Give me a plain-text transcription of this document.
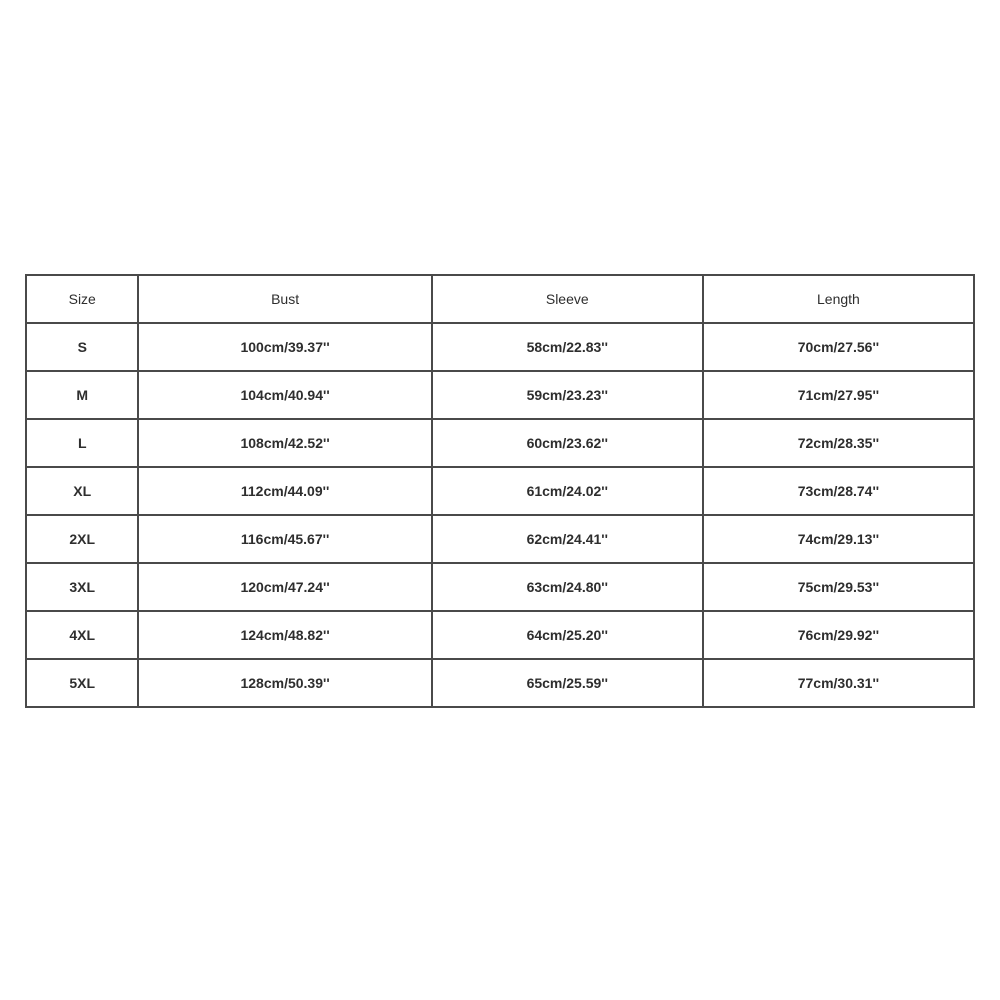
Size	Bust	Sleeve	Length
S	100cm/39.37''	58cm/22.83''	70cm/27.56''
M	104cm/40.94''	59cm/23.23''	71cm/27.95''
L	108cm/42.52''	60cm/23.62''	72cm/28.35''
XL	112cm/44.09''	61cm/24.02''	73cm/28.74''
2XL	116cm/45.67''	62cm/24.41''	74cm/29.13''
3XL	120cm/47.24''	63cm/24.80''	75cm/29.53''
4XL	124cm/48.82''	64cm/25.20''	76cm/29.92''
5XL	128cm/50.39''	65cm/25.59''	77cm/30.31''
